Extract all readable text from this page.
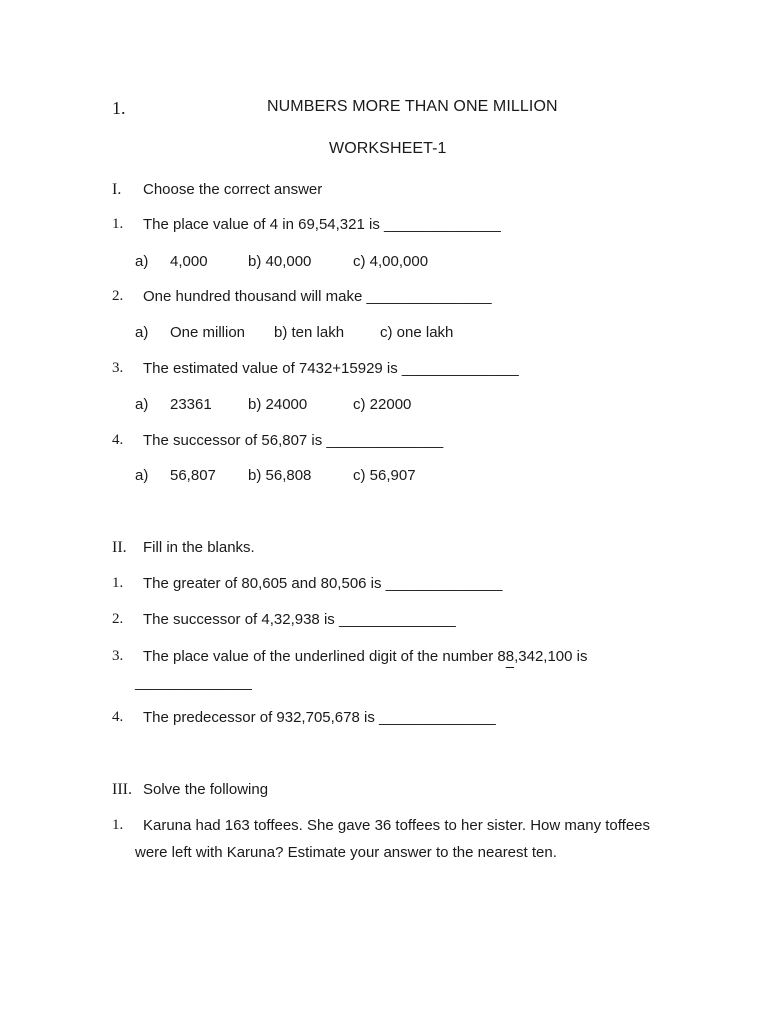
1.	NUMBERS MORE THAN ONE MILLION
WORKSHEET-1
I. Choose the correct answer
1. The place value of 4 in 69,54,321 is ______________
a) 4,000	b) 40,000	c) 4,00,000
2. One hundred thousand will make _______________
a) One million b) ten lakh c) one lakh
3. The estimated value of 7432+15929 is ______________
a) 23361 b) 24000	c) 22000
4. The successor of 56,807 is ______________
a) 56,807 b) 56,808	c) 56,907
II. Fill in the blanks.
1. The greater of 80,605 and 80,506 is ______________
2. The successor of 4,32,938 is ______________
3. The place value of the underlined digit of the number 88,342,100 is
______________
4. The predecessor of 932,705,678 is ______________
III. Solve the following
1. Karuna had 163 toffees. She gave 36 toffees to her sister. How many toffees
were left with Karuna? Estimate your answer to the nearest ten.
